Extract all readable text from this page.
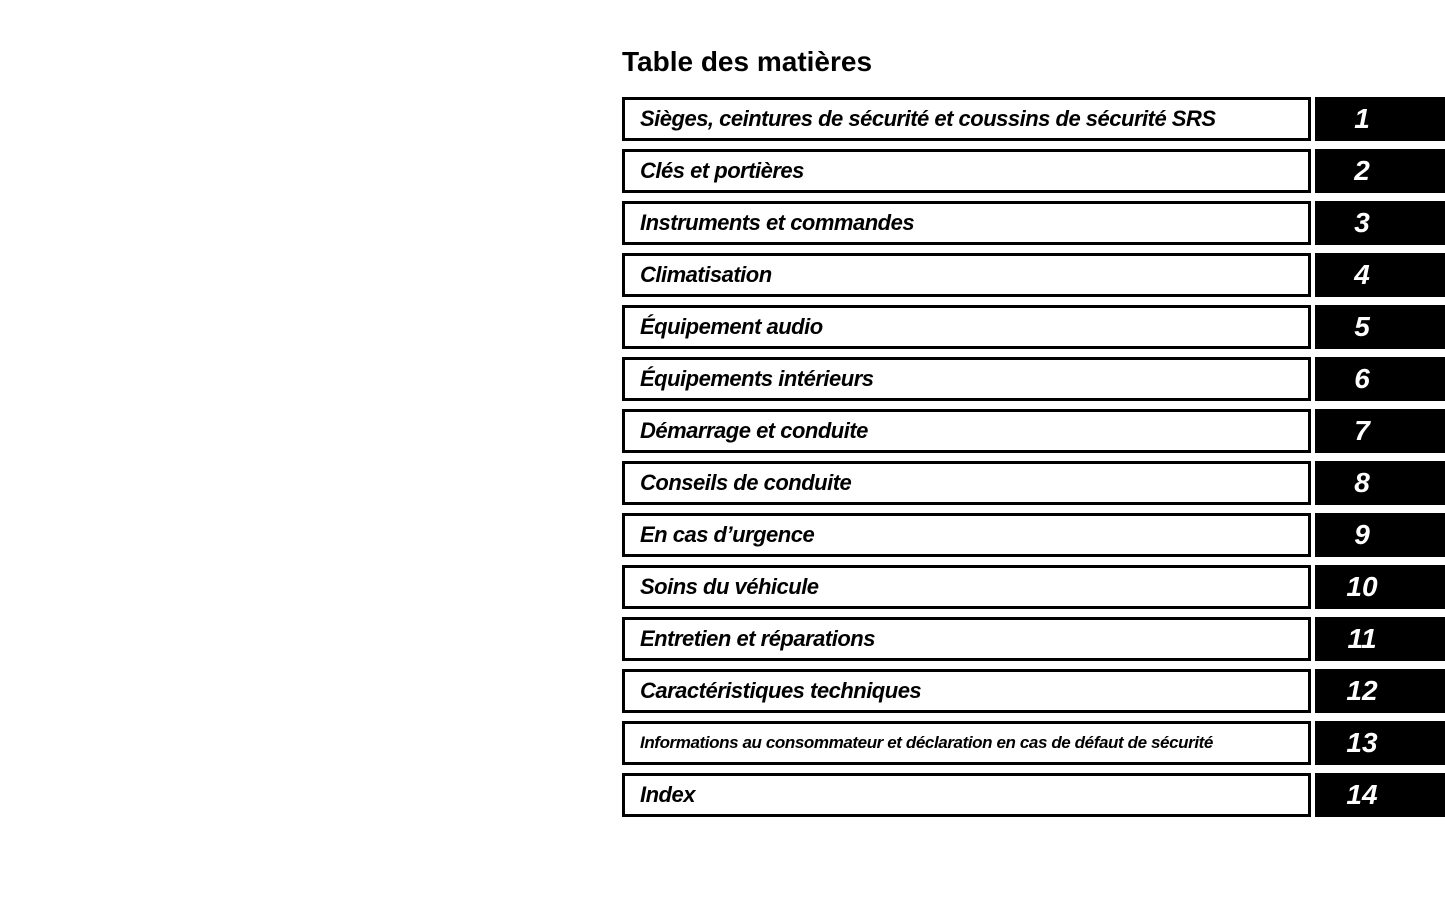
Table des matières
Sièges, ceintures de sécurité et coussins de sécurité SRS	1
Clés et portières	2
Instruments et commandes	3
Climatisation	4
Équipement audio	5
Équipements intérieurs	6
Démarrage et conduite	7
Conseils de conduite	8
En cas d’urgence	9
Soins du véhicule	10
Entretien et réparations	11
Caractéristiques techniques	12
Informations au consommateur et déclaration en cas de défaut de sécurité	13
Index	14
